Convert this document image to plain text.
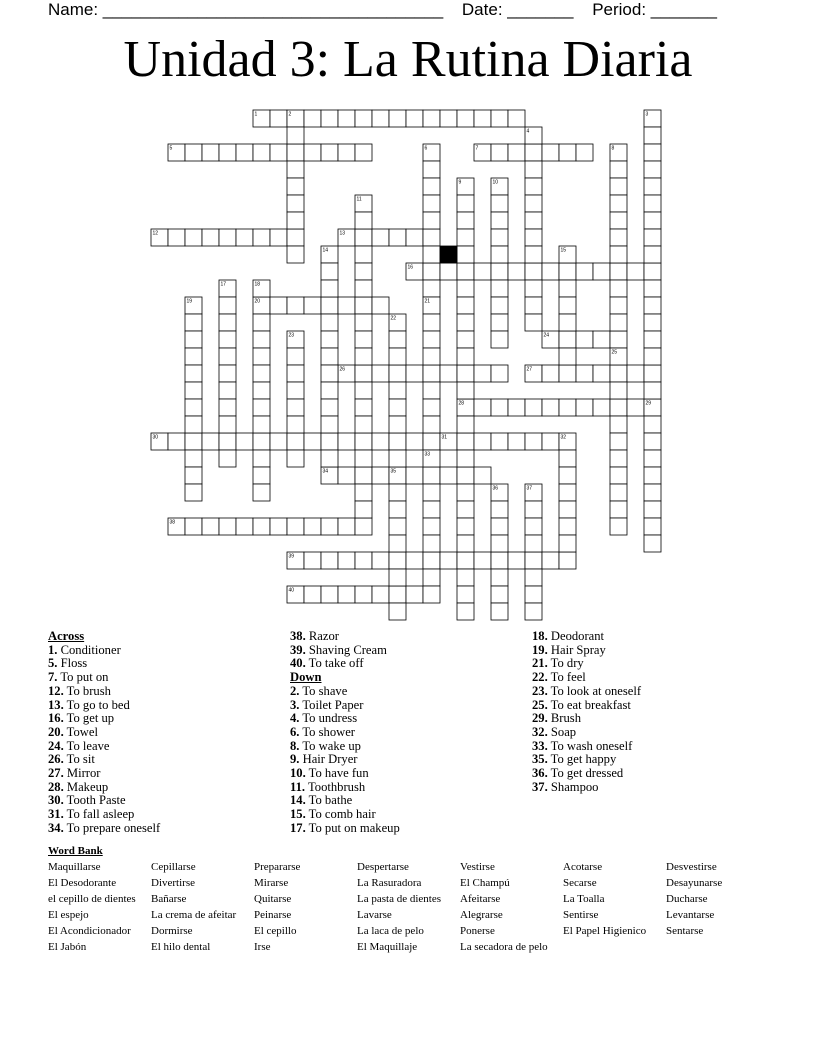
Name: ____________________________________ Date: _______ Period: _______
Unidad 3: La Rutina Diaria
1
5	7
12	13
16
20
24
26	27
28
30	31
34
38
39
40
2	3
4
6	8
9	10
11
14	15
17	18
19	21
22
23
25
29
32
33
35
36	37
Across
1. Conditioner
5. Floss
7. To put on
12. To brush
13. To go to bed
16. To get up
20. Towel
24. To leave
26. To sit
27. Mirror
28. Makeup
30. Tooth Paste
31. To fall asleep
34. To prepare oneself
38. Razor
39. Shaving Cream
40. To take off
Down
2. To shave
3. Toilet Paper
4. To undress
6. To shower
8. To wake up
9. Hair Dryer
10. To have fun
11. Toothbrush
14. To bathe
15. To comb hair
17. To put on makeup
18. Deodorant
19. Hair Spray
21. To dry
22. To feel
23. To look at oneself
25. To eat breakfast
29. Brush
32. Soap
33. To wash oneself
35. To get happy
36. To get dressed
37. Shampoo
Word Bank
Maquillarse	Cepillarse	Prepararse	Despertarse	Vestirse	Acotarse	Desvestirse
El Desodorante	Divertirse	Mirarse	La Rasuradora	El Champú	Secarse	Desayunarse
el cepillo de dientes	Bañarse	Quitarse	La pasta de dientes	Afeitarse	La Toalla	Ducharse
El espejo	La crema de afeitar	Peinarse	Lavarse	Alegrarse	Sentirse	Levantarse
El Acondicionador	Dormirse	El cepillo	La laca de pelo	Ponerse	El Papel Higienico	Sentarse
El Jabón	El hilo dental	Irse	El Maquillaje	La secadora de pelo
